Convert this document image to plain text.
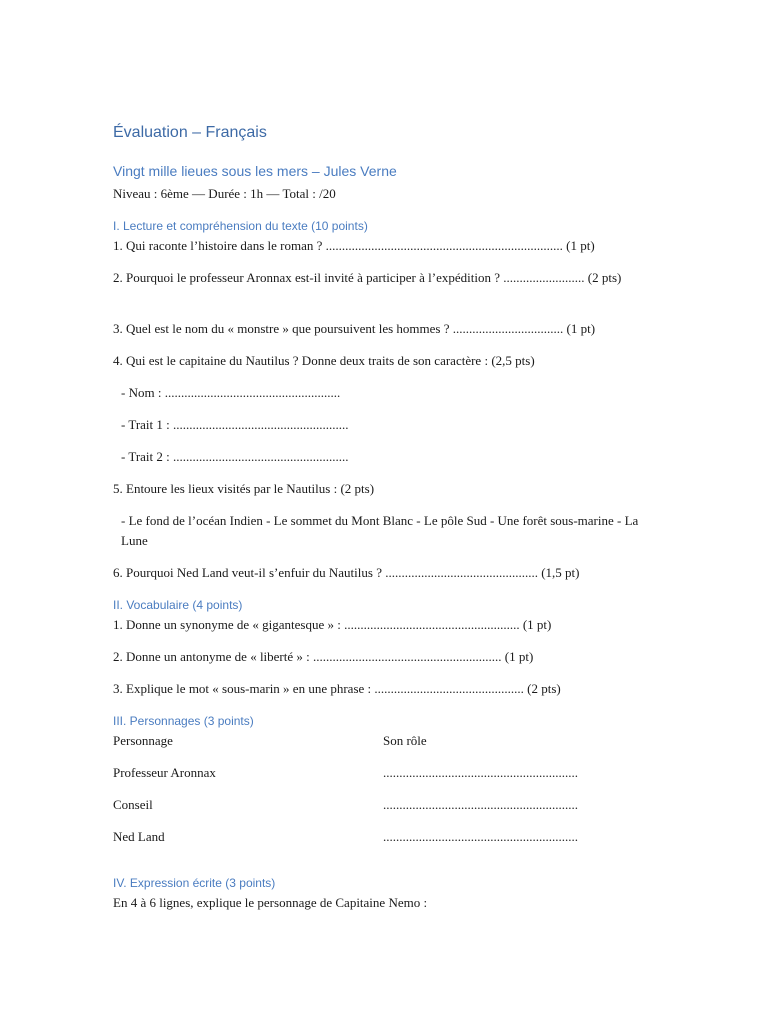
Évaluation – Français
Vingt mille lieues sous les mers – Jules Verne
Niveau : 6ème — Durée : 1h — Total : /20
I. Lecture et compréhension du texte (10 points)
1. Qui raconte l’histoire dans le roman ? ......................................................................... (1 pt)
2. Pourquoi le professeur Aronnax est-il invité à participer à l’expédition ? ......................... (2 pts)
3. Quel est le nom du « monstre » que poursuivent les hommes ? .................................. (1 pt)
4. Qui est le capitaine du Nautilus ? Donne deux traits de son caractère : (2,5 pts)
- Nom : ......................................................
- Trait 1 : ......................................................
- Trait 2 : ......................................................
5. Entoure les lieux visités par le Nautilus : (2 pts)
- Le fond de l’océan Indien - Le sommet du Mont Blanc - Le pôle Sud - Une forêt sous-marine - La Lune
6. Pourquoi Ned Land veut-il s’enfuir du Nautilus ? ............................................... (1,5 pt)
II. Vocabulaire (4 points)
1. Donne un synonyme de « gigantesque » : ...................................................... (1 pt)
2. Donne un antonyme de « liberté » : .......................................................... (1 pt)
3. Explique le mot « sous-marin » en une phrase : .............................................. (2 pts)
III. Personnages (3 points)
Personnage	Son rôle
Professeur Aronnax	............................................................
Conseil	............................................................
Ned Land	............................................................
IV. Expression écrite (3 points)
En 4 à 6 lignes, explique le personnage de Capitaine Nemo :
